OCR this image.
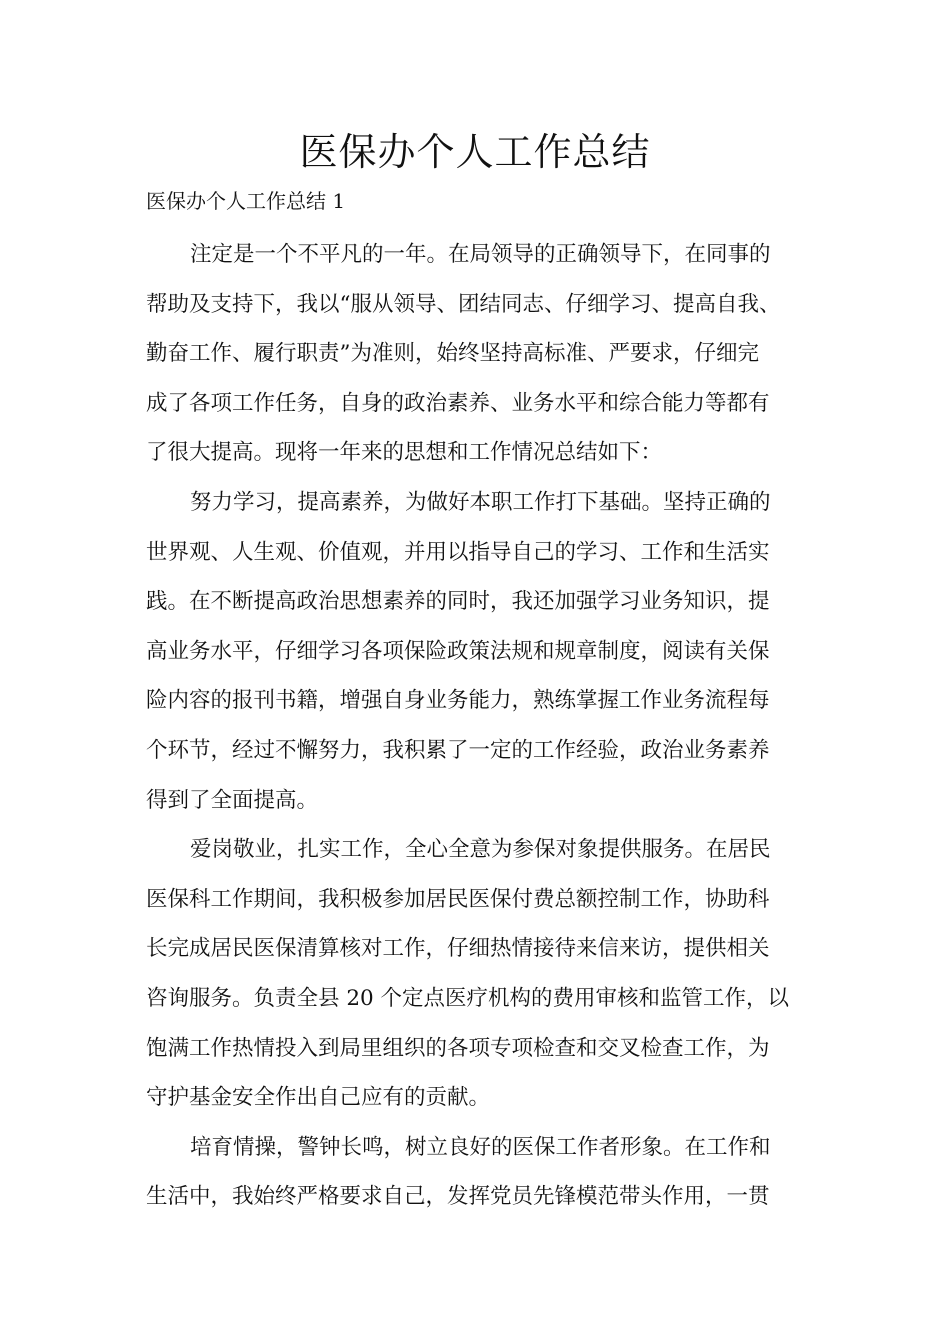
医保办个人工作总结
医保办个人工作总结 1
注定是一个不平凡的一年。在局领导的正确领导下，在同事的
帮助及支持下，我以“服从领导、团结同志、仔细学习、提高自我、
勤奋工作、履行职责”为准则，始终坚持高标准、严要求，仔细完
成了各项工作任务，自身的政治素养、业务水平和综合能力等都有
了很大提高。现将一年来的思想和工作情况总结如下：
努力学习，提高素养，为做好本职工作打下基础。坚持正确的
世界观、人生观、价值观，并用以指导自己的学习、工作和生活实
践。在不断提高政治思想素养的同时，我还加强学习业务知识，提
高业务水平，仔细学习各项保险政策法规和规章制度，阅读有关保
险内容的报刊书籍，增强自身业务能力，熟练掌握工作业务流程每
个环节，经过不懈努力，我积累了一定的工作经验，政治业务素养
得到了全面提高。
爱岗敬业，扎实工作，全心全意为参保对象提供服务。在居民
医保科工作期间，我积极参加居民医保付费总额控制工作，协助科
长完成居民医保清算核对工作，仔细热情接待来信来访，提供相关
咨询服务。负责全县 20 个定点医疗机构的费用审核和监管工作，以
饱满工作热情投入到局里组织的各项专项检查和交叉检查工作，为
守护基金安全作出自己应有的贡献。
培育情操，警钟长鸣，树立良好的医保工作者形象。在工作和
生活中，我始终严格要求自己，发挥党员先锋模范带头作用，一贯
